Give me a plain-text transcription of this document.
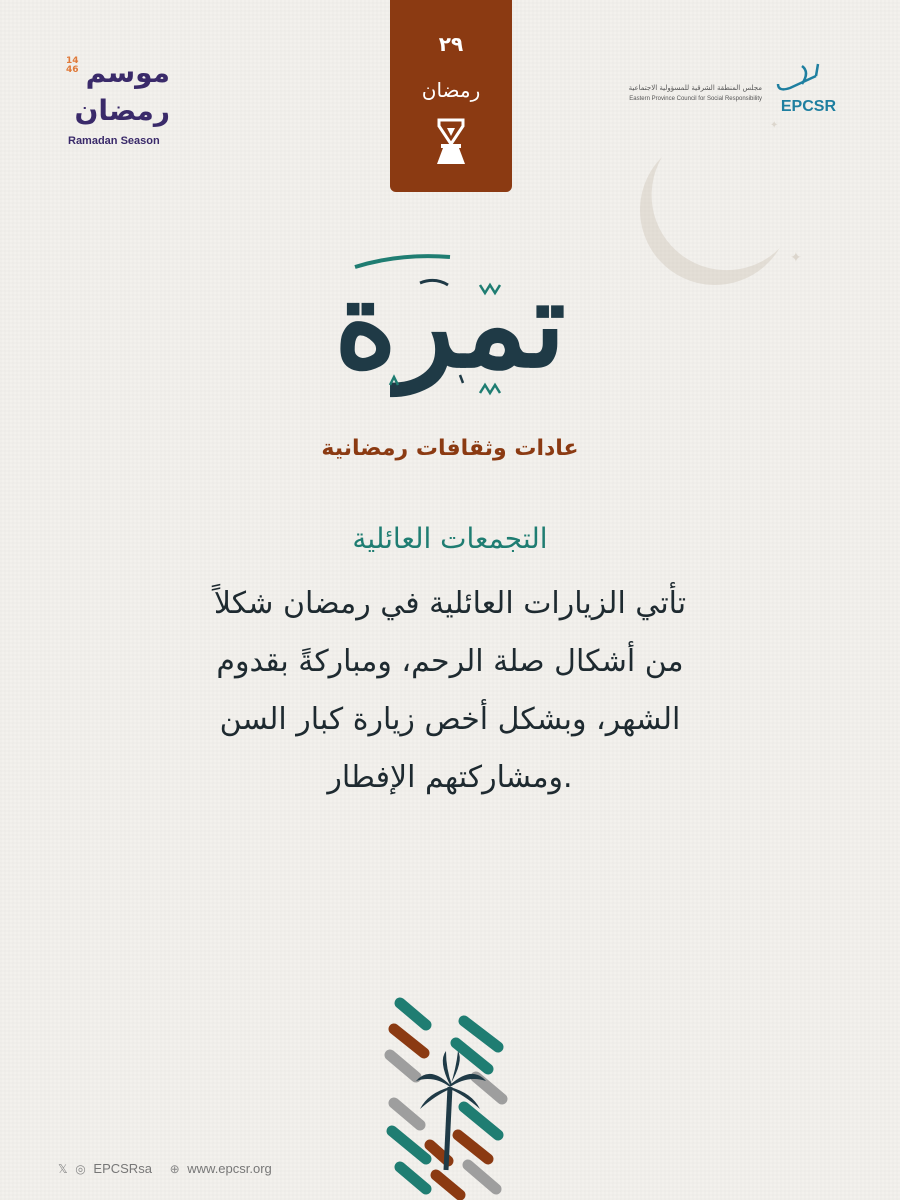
✦
✦
14
46 موسم
رمضان
Ramadan Season
٢٩
رمضان	مجلس المنطقة الشرقية للمسؤولية الاجتماعية
Eastern Province Council for Social Responsibility EPCSR
تمرة
عادات وثقافات رمضانية
التجمعات العائلية
تأتي الزيارات العائلية في رمضان شكلاً
من أشكال صلة الرحم، ومباركةً بقدوم
الشهر، وبشكل أخص زيارة كبار السن
ومشاركتهم الإفطار.
𝕏 ◎ EPCSRsa ⊕ www.epcsr.org
